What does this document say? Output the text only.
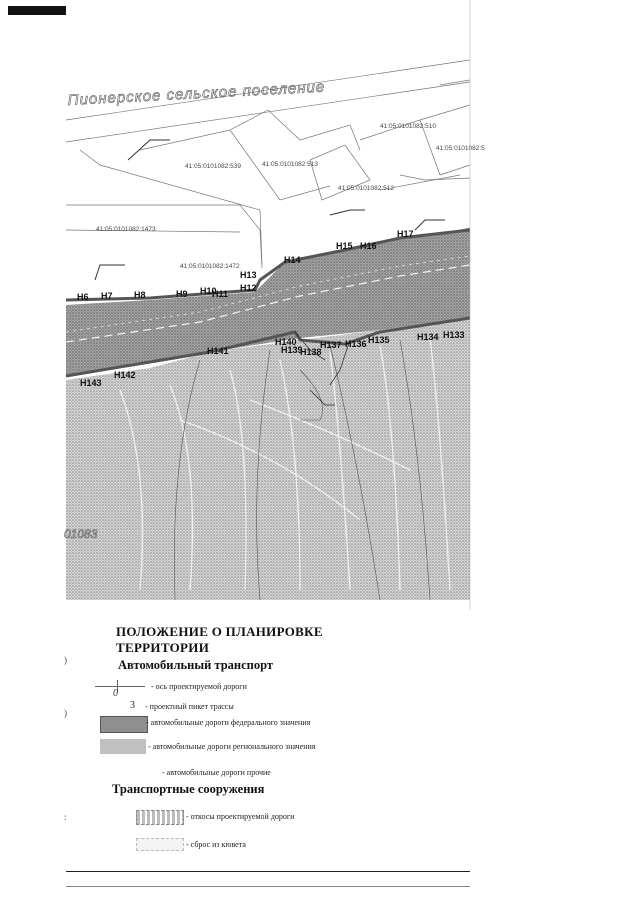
41:05:0101082:510
41:05:0101082:539	41:05:0101082:513
41:05:0101082:512
41:05:0101082:1473
41:05:0101082:1472
41:05:0101082:5
Пионерское сельское поселение
Н6 Н7 Н8	Н9 Н10
Н11
Н12
Н13
Н14
Н15 Н16
Н17
Н143
Н142
Н141
Н140
Н139
Н138
Н137 Н136 Н135	Н134 Н133
01083
)
)
:
ПОЛОЖЕНИЕ О ПЛАНИРОВКЕ ТЕРРИТОРИИ
Автомобильный транспорт
0
- ось проектируемой дороги
3 - проектный пикет трассы
- автомобильные дороги федерального значения
- автомобильные дороги регионального значения
- автомобильные дороги прочие
Транспортные сооружения
- откосы проектируемой дороги
- сброс из кювета
